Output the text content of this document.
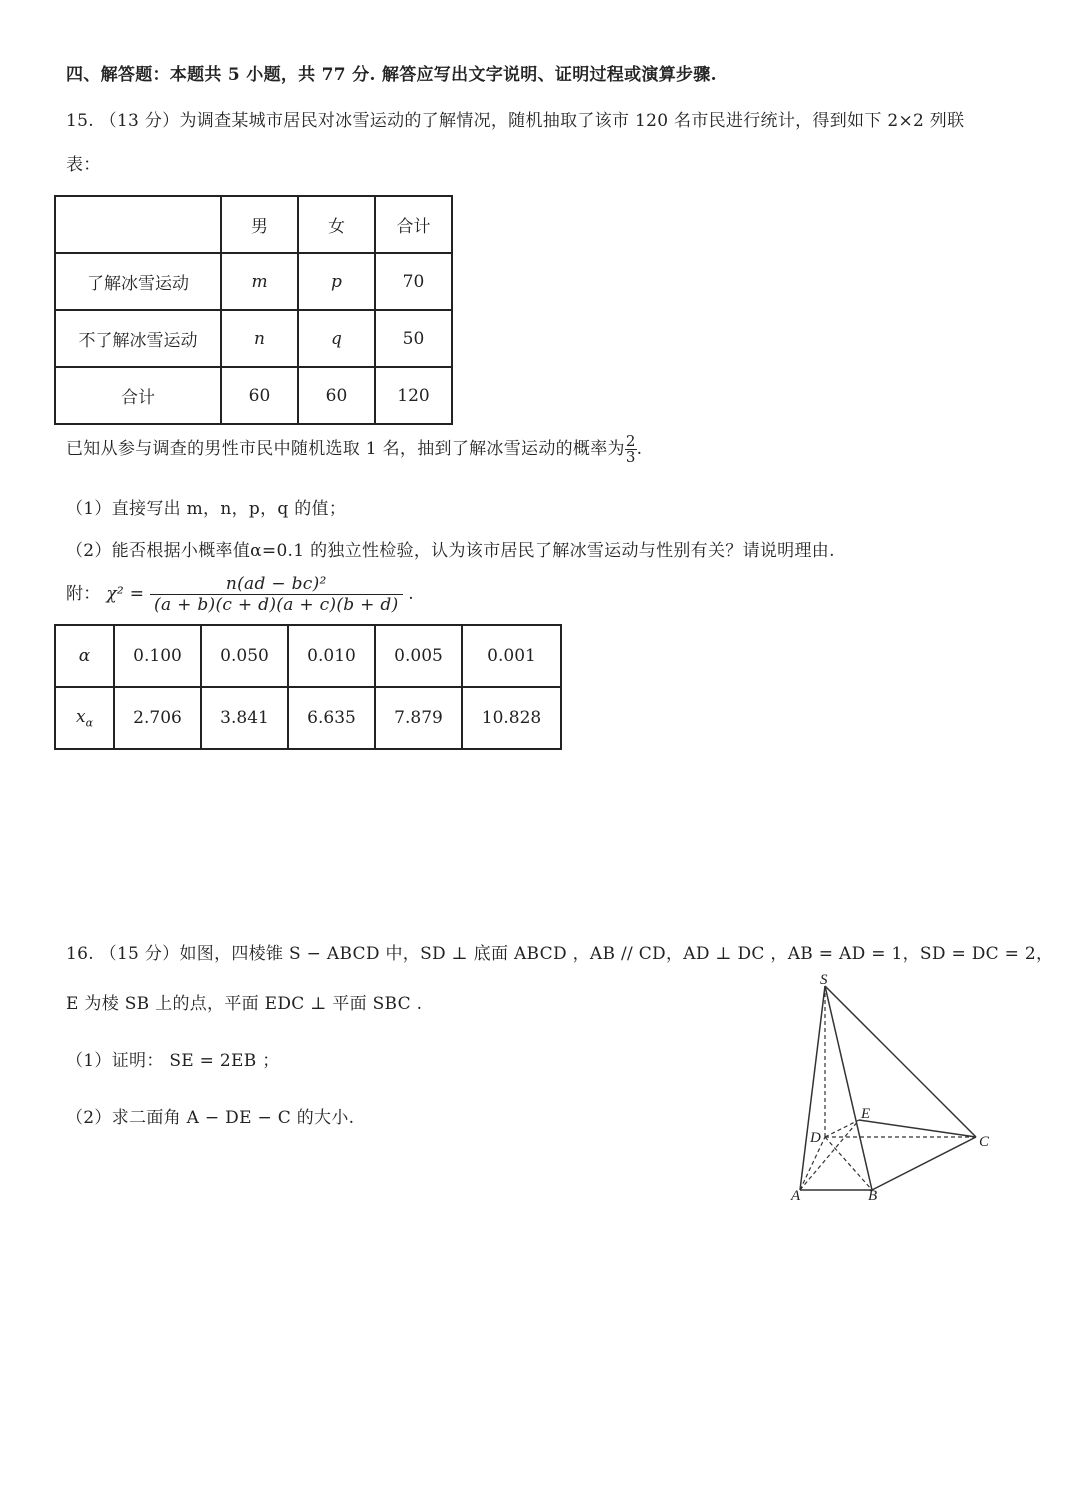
四、解答题：本题共 5 小题，共 77 分. 解答应写出文字说明、证明过程或演算步骤.
15. （13 分）为调查某城市居民对冰雪运动的了解情况，随机抽取了该市 120 名市民进行统计，得到如下 2×2 列联
表：
	男	女	合计
了解冰雪运动	m	p	70
不了解冰雪运动	n	q	50
合计	60	60	120
已知从参与调查的男性市民中随机选取 1 名，抽到了解冰雪运动的概率为 $\frac{2}{3}$ .
（1）直接写出 m，n，p，q 的值；
（2）能否根据小概率值α=0.1 的独立性检验，认为该市居民了解冰雪运动与性别有关？请说明理由.
附： $\chi^2 = \frac{\text{n(ad − bc)²}}{(a + b)(c + d)(a + c)(b + d)}$ .
α	0.100	0.050	0.010	0.005	0.001
$x_\alpha$	2.706	3.841	6.635	7.879	10.828
16. （15 分）如图，四棱锥 S − ABCD 中，SD ⊥ 底面 ABCD ，AB // CD，AD ⊥ DC ，AB = AD = 1，SD = DC = 2，
E 为棱 SB 上的点，平面 EDC ⊥ 平面 SBC .
（1）证明： SE = 2EB ；
（2）求二面角 A − DE − C 的大小.
S
D
E
C
A	B
